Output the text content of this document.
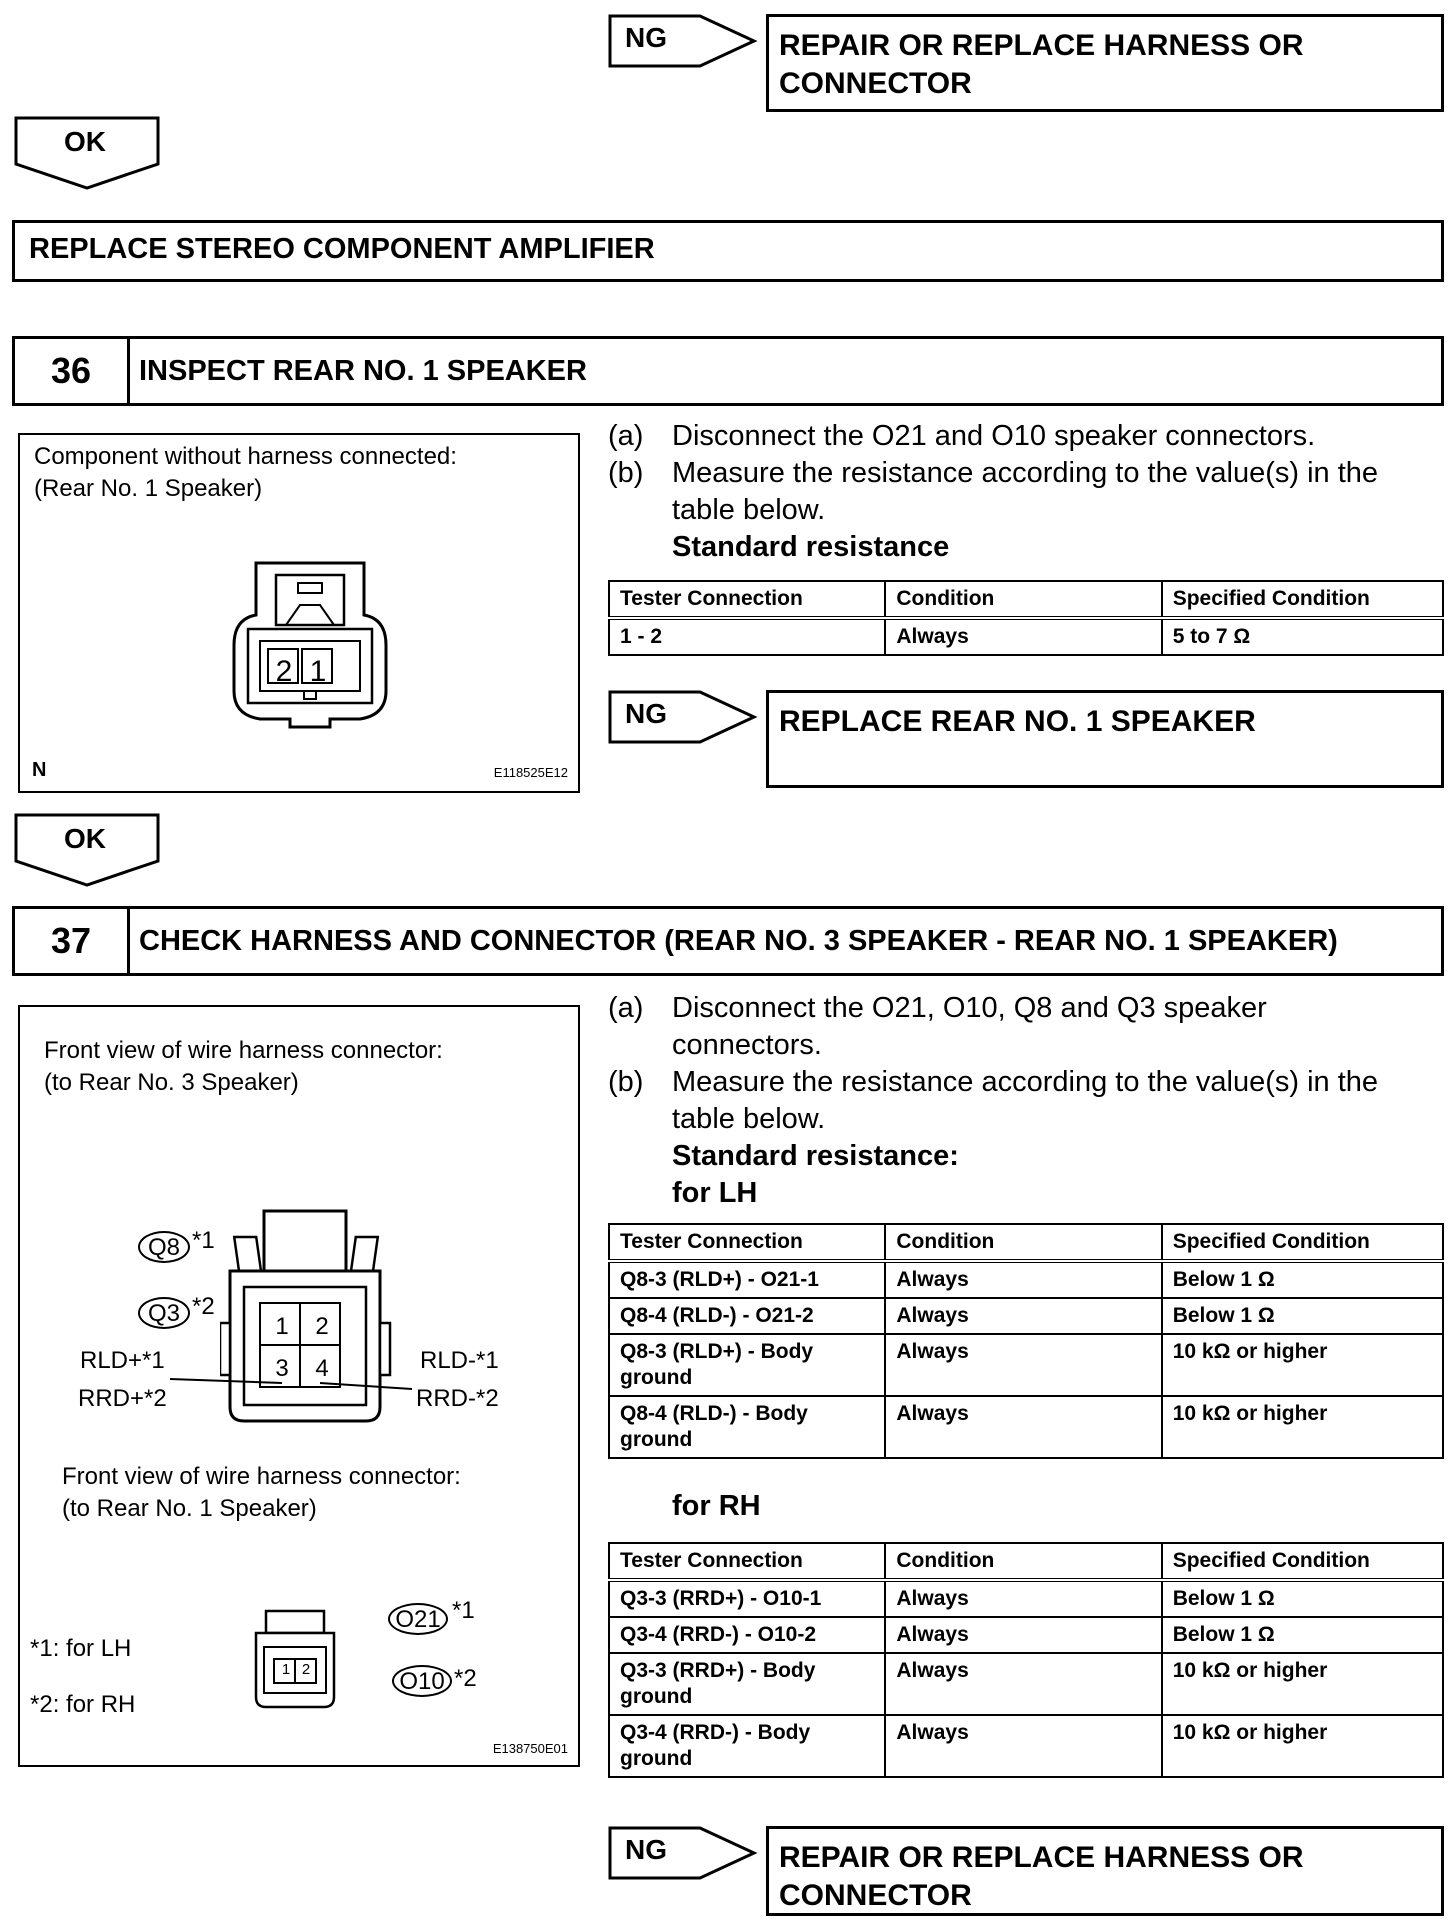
NG	REPAIR OR REPLACE HARNESS OR CONNECTOR
OK
REPLACE STEREO COMPONENT AMPLIFIER
36	INSPECT REAR NO. 1 SPEAKER
Component without harness connected:
(Rear No. 1 Speaker)
2 1
N	E118525E12
(a) Disconnect the O21 and O10 speaker connectors.
(b) Measure the resistance according to the value(s) in the table below.
Standard resistance
Tester Connection	Condition	Specified Condition
1 - 2	Always	5 to 7 Ω
NG	REPLACE REAR NO. 1 SPEAKER
OK
37	CHECK HARNESS AND CONNECTOR (REAR NO. 3 SPEAKER - REAR NO. 1 SPEAKER)
Front view of wire harness connector:
(to Rear No. 3 Speaker)
Q8 *1
Q3 *2
1 2
3 4
RLD+*1
RRD+*2
RLD-*1
RRD-*2
Front view of wire harness connector:
(to Rear No. 1 Speaker)
1 2
O21 *1
O10 *2
*1: for LH
*2: for RH
E138750E01
(a) Disconnect the O21, O10, Q8 and Q3 speaker connectors.
(b) Measure the resistance according to the value(s) in the table below.
Standard resistance:
for LH
Tester Connection	Condition	Specified Condition
Q8-3 (RLD+) - O21-1	Always	Below 1 Ω
Q8-4 (RLD-) - O21-2	Always	Below 1 Ω
Q8-3 (RLD+) - Body ground	Always	10 kΩ or higher
Q8-4 (RLD-) - Body ground	Always	10 kΩ or higher
for RH
Tester Connection	Condition	Specified Condition
Q3-3 (RRD+) - O10-1	Always	Below 1 Ω
Q3-4 (RRD-) - O10-2	Always	Below 1 Ω
Q3-3 (RRD+) - Body ground	Always	10 kΩ or higher
Q3-4 (RRD-) - Body ground	Always	10 kΩ or higher
NG	REPAIR OR REPLACE HARNESS OR CONNECTOR
